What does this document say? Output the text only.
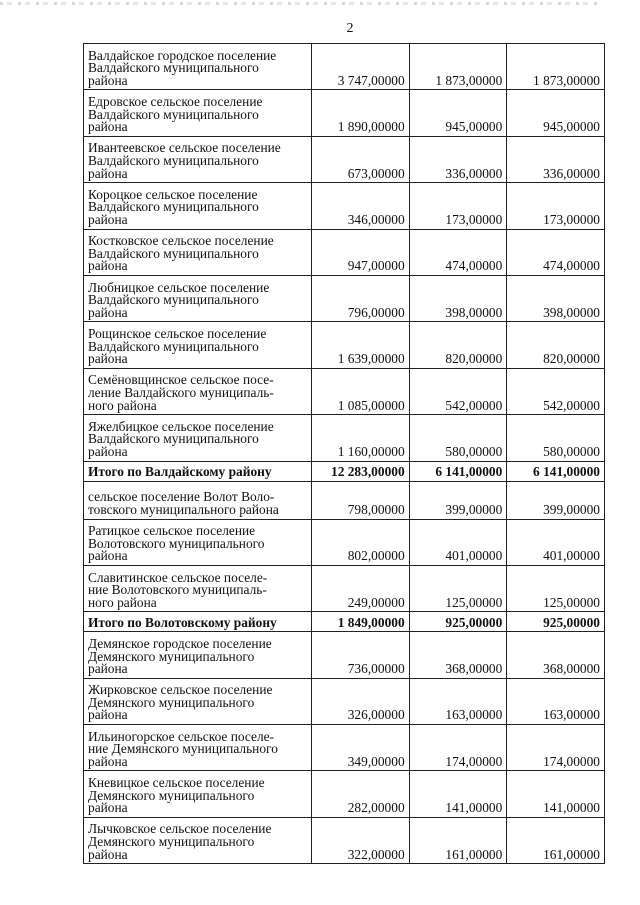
2
Валдайское городское поселение
Валдайского муниципального
района	3 747,00000	1 873,00000	1 873,00000

Едровское сельское поселение
Валдайского муниципального
района	1 890,00000	945,00000	945,00000

Ивантеевское сельское поселение
Валдайского муниципального
района	673,00000	336,00000	336,00000

Короцкое сельское поселение
Валдайского муниципального
района	346,00000	173,00000	173,00000

Костковское сельское поселение
Валдайского муниципального
района	947,00000	474,00000	474,00000

Любницкое сельское поселение
Валдайского муниципального
района	796,00000	398,00000	398,00000

Рощинское сельское поселение
Валдайского муниципального
района	1 639,00000	820,00000	820,00000

Семёновщинское сельское посе-
ление Валдайского муниципаль-
ного района	1 085,00000	542,00000	542,00000

Яжелбицкое сельское поселение
Валдайского муниципального
района	1 160,00000	580,00000	580,00000

Итого по Валдайскому району	12 283,00000	6 141,00000	6 141,00000

сельское поселение Волот Воло-
товского муниципального района	798,00000	399,00000	399,00000

Ратицкое сельское поселение
Волотовского муниципального
района	802,00000	401,00000	401,00000

Славитинское сельское поселе-
ние Волотовского муниципаль-
ного района	249,00000	125,00000	125,00000

Итого по Волотовскому району	1 849,00000	925,00000	925,00000

Демянское городское поселение
Демянского муниципального
района	736,00000	368,00000	368,00000

Жирковское сельское поселение
Демянского муниципального
района	326,00000	163,00000	163,00000

Ильиногорское сельское поселе-
ние Демянского муниципального
района	349,00000	174,00000	174,00000

Кневицкое сельское поселение
Демянского муниципального
района	282,00000	141,00000	141,00000

Лычковское сельское поселение
Демянского муниципального
района	322,00000	161,00000	161,00000
